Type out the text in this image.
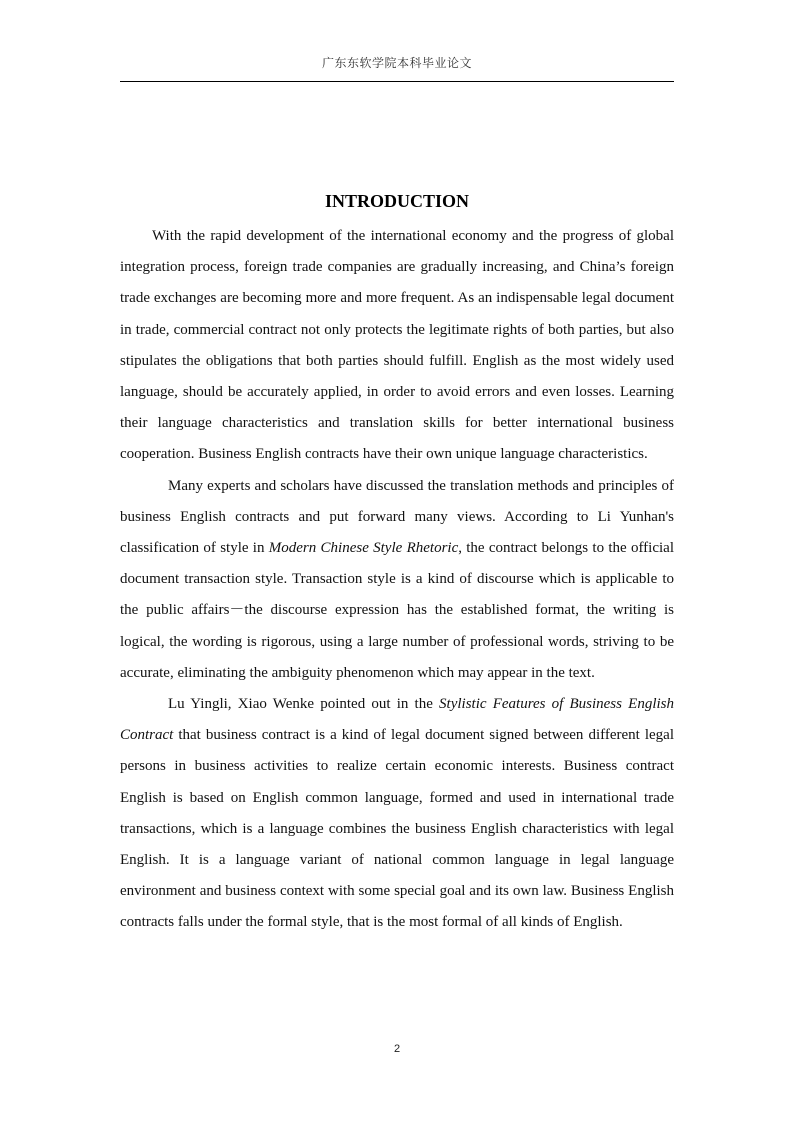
广东东软学院本科毕业论文
INTRODUCTION

With the rapid development of the international economy and the progress of global integration process, foreign trade companies are gradually increasing, and China’s foreign trade exchanges are becoming more and more frequent. As an indispensable legal document in trade, commercial contract not only protects the legitimate rights of both parties, but also stipulates the obligations that both parties should fulfill. English as the most widely used language, should be accurately applied, in order to avoid errors and even losses. Learning their language characteristics and translation skills for better international business cooperation. Business English contracts have their own unique language characteristics.

Many experts and scholars have discussed the translation methods and principles of business English contracts and put forward many views. According to Li Yunhan's classification of style in Modern Chinese Style Rhetoric, the contract belongs to the official document transaction style. Transaction style is a kind of discourse which is applicable to the public affairs－the discourse expression has the established format, the writing is logical, the wording is rigorous, using a large number of professional words, striving to be accurate, eliminating the ambiguity phenomenon which may appear in the text.

Lu Yingli, Xiao Wenke pointed out in the Stylistic Features of Business English Contract that business contract is a kind of legal document signed between different legal persons in business activities to realize certain economic interests. Business contract English is based on English common language, formed and used in international trade transactions, which is a language combines the business English characteristics with legal English. It is a language variant of national common language in legal language environment and business context with some special goal and its own law. Business English contracts falls under the formal style, that is the most formal of all kinds of English.

2
